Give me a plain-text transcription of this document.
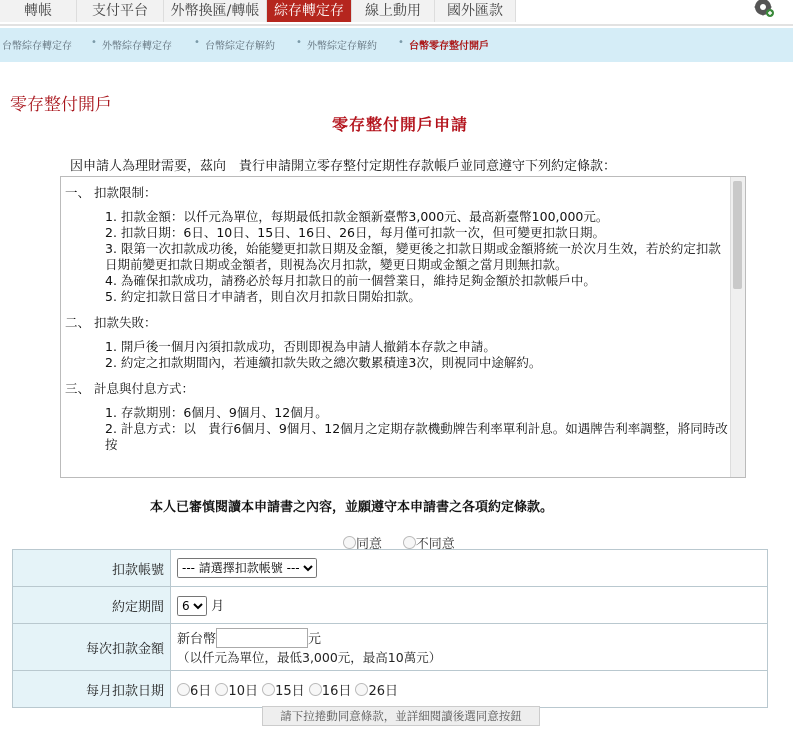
轉帳	支付平台	外幣換匯/轉帳	綜存轉定存	線上動用	國外匯款
台幣綜存轉定存 • 外幣綜存轉定存 • 台幣綜定存解約 • 外幣綜定存解約 • 台幣零存整付開戶
零存整付開戶
零存整付開戶申請
因申請人為理財需要，茲向　貴行申請開立零存整付定期性存款帳戶並同意遵守下列約定條款：
一、 扣款限制：
1. 扣款金額：以仟元為單位，每期最低扣款金額新臺幣3,000元、最高新臺幣100,000元。
2. 扣款日期：6日、10日、15日、16日、26日，每月僅可扣款一次，但可變更扣款日期。
3. 限第一次扣款成功後，始能變更扣款日期及金額，變更後之扣款日期或金額將統一於次月生效，若於約定扣款日期前變更扣款日期或金額者，則視為次月扣款，變更日期或金額之當月則無扣款。
4. 為確保扣款成功，請務必於每月扣款日的前一個營業日，維持足夠金額於扣款帳戶中。
5. 約定扣款日當日才申請者，則自次月扣款日開始扣款。
二、 扣款失敗：
1. 開戶後一個月內須扣款成功，否則即視為申請人撤銷本存款之申請。
2. 約定之扣款期間內，若連續扣款失敗之總次數累積達3次，則視同中途解約。
三、 計息與付息方式：
1. 存款期別：6個月、9個月、12個月。
2. 計息方式：以　貴行6個月、9個月、12個月之定期存款機動牌告利率單利計息。如遇牌告利率調整，將同時改按
本人已審慎閱讀本申請書之內容，並願遵守本申請書之各項約定條款。
同意	不同意
扣款帳號	
--- 請選擇扣款帳號 ---
約定期間	
6月
每次扣款金額	新台幣 元
（以仟元為單位，最低3,000元，最高10萬元）

每月扣款日期	6日 10日 15日 16日 26日
請下拉捲動同意條款，並詳細閱讀後選同意按鈕
